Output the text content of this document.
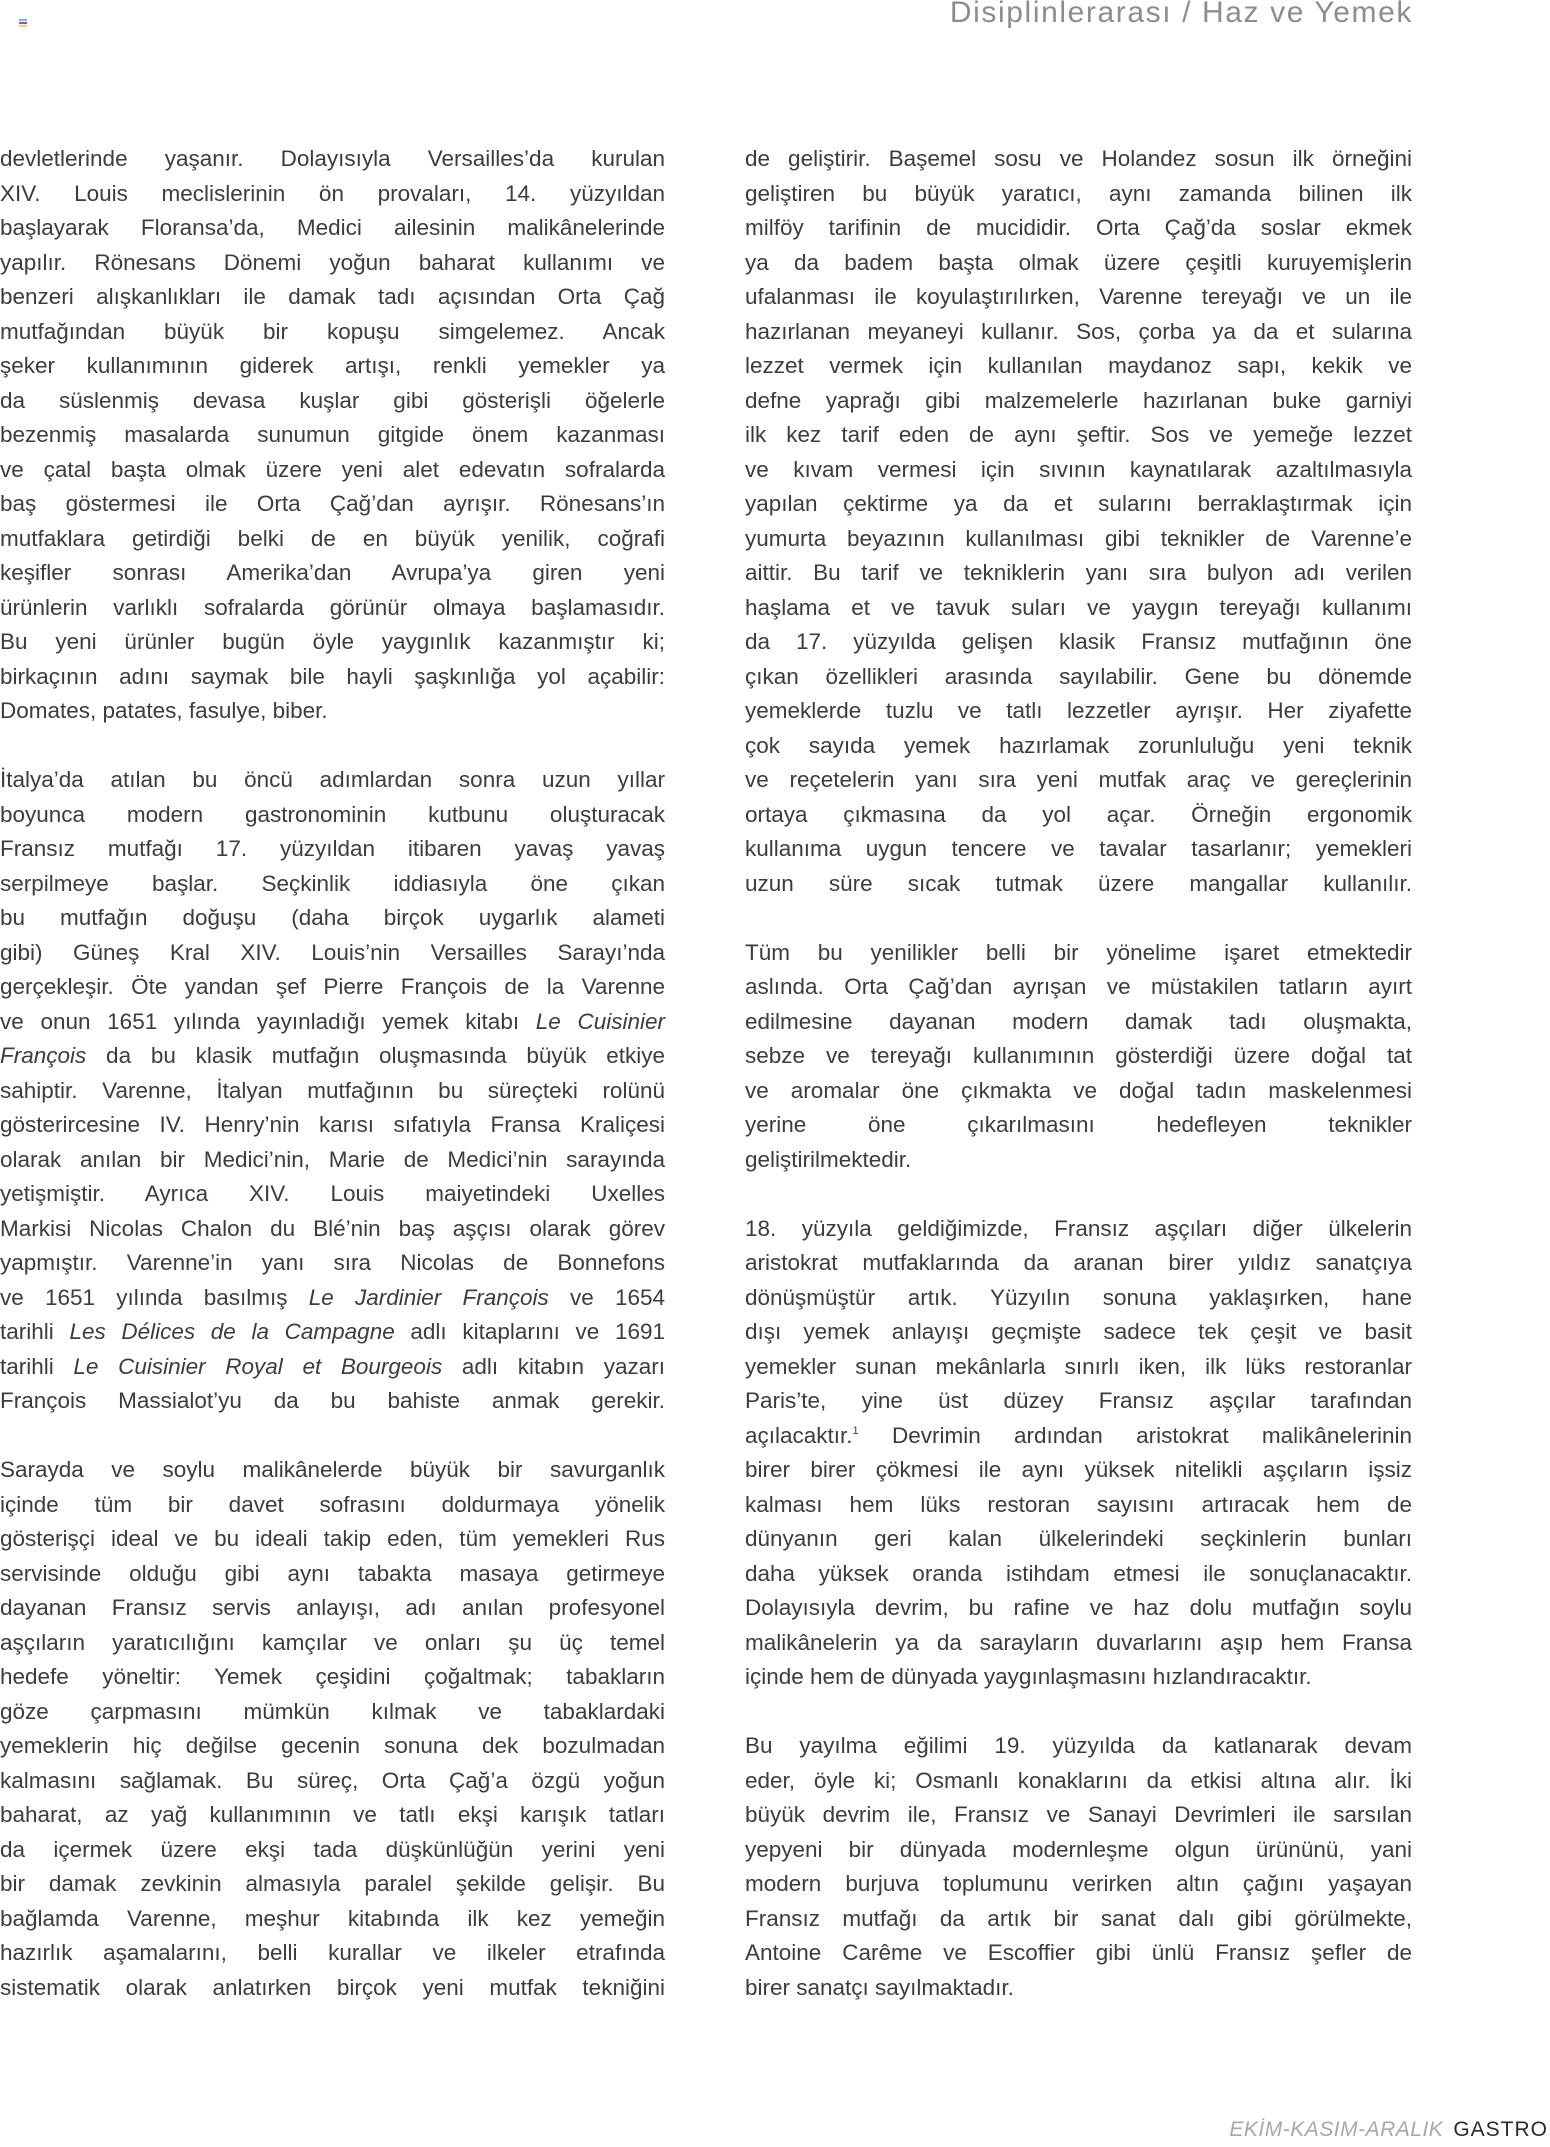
Disiplinlerarası / Haz ve Yemek
devletlerinde yaşanır. Dolayısıyla Versailles’da kurulan
XIV. Louis meclislerinin ön provaları, 14. yüzyıldan
başlayarak Floransa’da, Medici ailesinin malikânelerinde
yapılır. Rönesans Dönemi yoğun baharat kullanımı ve
benzeri alışkanlıkları ile damak tadı açısından Orta Çağ
mutfağından büyük bir kopuşu simgelemez. Ancak
şeker kullanımının giderek artışı, renkli yemekler ya
da süslenmiş devasa kuşlar gibi gösterişli öğelerle
bezenmiş masalarda sunumun gitgide önem kazanması
ve çatal başta olmak üzere yeni alet edevatın sofralarda
baş göstermesi ile Orta Çağ’dan ayrışır. Rönesans’ın
mutfaklara getirdiği belki de en büyük yenilik, coğrafi
keşifler sonrası Amerika’dan Avrupa’ya giren yeni
ürünlerin varlıklı sofralarda görünür olmaya başlamasıdır.
Bu yeni ürünler bugün öyle yaygınlık kazanmıştır ki;
birkaçının adını saymak bile hayli şaşkınlığa yol açabilir:
Domates, patates, fasulye, biber.
İtalya’da atılan bu öncü adımlardan sonra uzun yıllar
boyunca modern gastronominin kutbunu oluşturacak
Fransız mutfağı 17. yüzyıldan itibaren yavaş yavaş
serpilmeye başlar. Seçkinlik iddiasıyla öne çıkan
bu mutfağın doğuşu (daha birçok uygarlık alameti
gibi) Güneş Kral XIV. Louis’nin Versailles Sarayı’nda
gerçekleşir. Öte yandan şef Pierre François de la Varenne
ve onun 1651 yılında yayınladığı yemek kitabı Le Cuisinier
François da bu klasik mutfağın oluşmasında büyük etkiye
sahiptir. Varenne, İtalyan mutfağının bu süreçteki rolünü
gösterircesine IV. Henry’nin karısı sıfatıyla Fransa Kraliçesi
olarak anılan bir Medici’nin, Marie de Medici’nin sarayında
yetişmiştir. Ayrıca XIV. Louis maiyetindeki Uxelles
Markisi Nicolas Chalon du Blé’nin baş aşçısı olarak görev
yapmıştır. Varenne’in yanı sıra Nicolas de Bonnefons
ve 1651 yılında basılmış Le Jardinier François ve 1654
tarihli Les Délices de la Campagne adlı kitaplarını ve 1691
tarihli Le Cuisinier Royal et Bourgeois adlı kitabın yazarı
François Massialot’yu da bu bahiste anmak gerekir.
Sarayda ve soylu malikânelerde büyük bir savurganlık
içinde tüm bir davet sofrasını doldurmaya yönelik
gösterişçi ideal ve bu ideali takip eden, tüm yemekleri Rus
servisinde olduğu gibi aynı tabakta masaya getirmeye
dayanan Fransız servis anlayışı, adı anılan profesyonel
aşçıların yaratıcılığını kamçılar ve onları şu üç temel
hedefe yöneltir: Yemek çeşidini çoğaltmak; tabakların
göze çarpmasını mümkün kılmak ve tabaklardaki
yemeklerin hiç değilse gecenin sonuna dek bozulmadan
kalmasını sağlamak. Bu süreç, Orta Çağ’a özgü yoğun
baharat, az yağ kullanımının ve tatlı ekşi karışık tatları
da içermek üzere ekşi tada düşkünlüğün yerini yeni
bir damak zevkinin almasıyla paralel şekilde gelişir. Bu
bağlamda Varenne, meşhur kitabında ilk kez yemeğin
hazırlık aşamalarını, belli kurallar ve ilkeler etrafında
sistematik olarak anlatırken birçok yeni mutfak tekniğini
de geliştirir. Başemel sosu ve Holandez sosun ilk örneğini
geliştiren bu büyük yaratıcı, aynı zamanda bilinen ilk
milföy tarifinin de mucididir. Orta Çağ’da soslar ekmek
ya da badem başta olmak üzere çeşitli kuruyemişlerin
ufalanması ile koyulaştırılırken, Varenne tereyağı ve un ile
hazırlanan meyaneyi kullanır. Sos, çorba ya da et sularına
lezzet vermek için kullanılan maydanoz sapı, kekik ve
defne yaprağı gibi malzemelerle hazırlanan buke garniyi
ilk kez tarif eden de aynı şeftir. Sos ve yemeğe lezzet
ve kıvam vermesi için sıvının kaynatılarak azaltılmasıyla
yapılan çektirme ya da et sularını berraklaştırmak için
yumurta beyazının kullanılması gibi teknikler de Varenne’e
aittir. Bu tarif ve tekniklerin yanı sıra bulyon adı verilen
haşlama et ve tavuk suları ve yaygın tereyağı kullanımı
da 17. yüzyılda gelişen klasik Fransız mutfağının öne
çıkan özellikleri arasında sayılabilir. Gene bu dönemde
yemeklerde tuzlu ve tatlı lezzetler ayrışır. Her ziyafette
çok sayıda yemek hazırlamak zorunluluğu yeni teknik
ve reçetelerin yanı sıra yeni mutfak araç ve gereçlerinin
ortaya çıkmasına da yol açar. Örneğin ergonomik
kullanıma uygun tencere ve tavalar tasarlanır; yemekleri
uzun süre sıcak tutmak üzere mangallar kullanılır.
Tüm bu yenilikler belli bir yönelime işaret etmektedir
aslında. Orta Çağ’dan ayrışan ve müstakilen tatların ayırt
edilmesine dayanan modern damak tadı oluşmakta,
sebze ve tereyağı kullanımının gösterdiği üzere doğal tat
ve aromalar öne çıkmakta ve doğal tadın maskelenmesi
yerine öne çıkarılmasını hedefleyen teknikler
geliştirilmektedir.
18. yüzyıla geldiğimizde, Fransız aşçıları diğer ülkelerin
aristokrat mutfaklarında da aranan birer yıldız sanatçıya
dönüşmüştür artık. Yüzyılın sonuna yaklaşırken, hane
dışı yemek anlayışı geçmişte sadece tek çeşit ve basit
yemekler sunan mekânlarla sınırlı iken, ilk lüks restoranlar
Paris’te, yine üst düzey Fransız aşçılar tarafından
açılacaktır.$^1$ Devrimin ardından aristokrat malikânelerinin
birer birer çökmesi ile aynı yüksek nitelikli aşçıların işsiz
kalması hem lüks restoran sayısını artıracak hem de
dünyanın geri kalan ülkelerindeki seçkinlerin bunları
daha yüksek oranda istihdam etmesi ile sonuçlanacaktır.
Dolayısıyla devrim, bu rafine ve haz dolu mutfağın soylu
malikânelerin ya da sarayların duvarlarını aşıp hem Fransa
içinde hem de dünyada yaygınlaşmasını hızlandıracaktır.
Bu yayılma eğilimi 19. yüzyılda da katlanarak devam
eder, öyle ki; Osmanlı konaklarını da etkisi altına alır. İki
büyük devrim ile, Fransız ve Sanayi Devrimleri ile sarsılan
yepyeni bir dünyada modernleşme olgun ürününü, yani
modern burjuva toplumunu verirken altın çağını yaşayan
Fransız mutfağı da artık bir sanat dalı gibi görülmekte,
Antoine Carême ve Escoffier gibi ünlü Fransız şefler de
birer sanatçı sayılmaktadır.
EKİM-KASIM-ARALIK GASTRO
